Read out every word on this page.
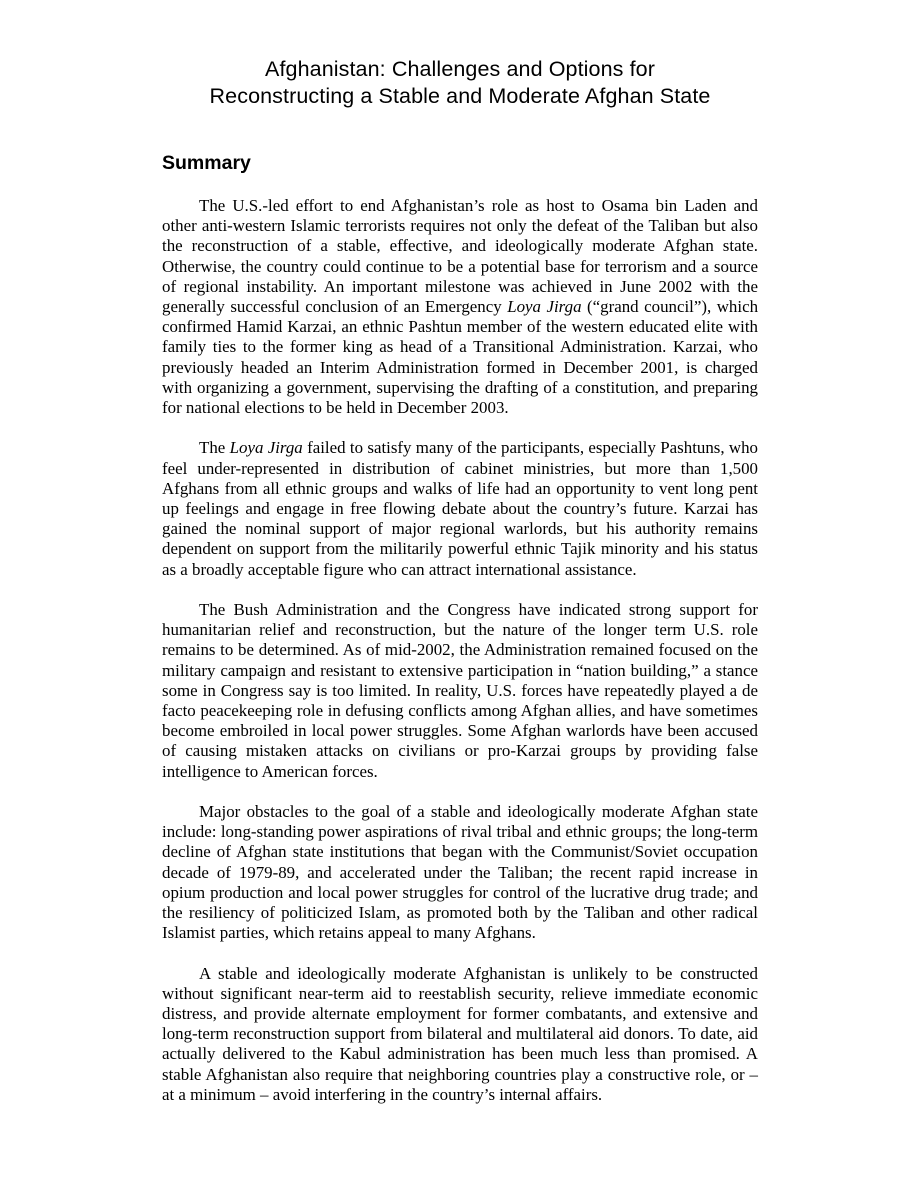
Afghanistan: Challenges and Options for
Reconstructing a Stable and Moderate Afghan State
Summary

The U.S.-led effort to end Afghanistan’s role as host to Osama bin Laden and other anti-western Islamic terrorists requires not only the defeat of the Taliban but also the reconstruction of a stable, effective, and ideologically moderate Afghan state. Otherwise, the country could continue to be a potential base for terrorism and a source of regional instability. An important milestone was achieved in June 2002 with the generally successful conclusion of an Emergency Loya Jirga (“grand council”), which confirmed Hamid Karzai, an ethnic Pashtun member of the western educated elite with family ties to the former king as head of a Transitional Administration. Karzai, who previously headed an Interim Administration formed in December 2001, is charged with organizing a government, supervising the drafting of a constitution, and preparing for national elections to be held in December 2003.

The Loya Jirga failed to satisfy many of the participants, especially Pashtuns, who feel under-represented in distribution of cabinet ministries, but more than 1,500 Afghans from all ethnic groups and walks of life had an opportunity to vent long pent up feelings and engage in free flowing debate about the country’s future. Karzai has gained the nominal support of major regional warlords, but his authority remains dependent on support from the militarily powerful ethnic Tajik minority and his status as a broadly acceptable figure who can attract international assistance.

The Bush Administration and the Congress have indicated strong support for humanitarian relief and reconstruction, but the nature of the longer term U.S. role remains to be determined. As of mid-2002, the Administration remained focused on the military campaign and resistant to extensive participation in “nation building,” a stance some in Congress say is too limited. In reality, U.S. forces have repeatedly played a de facto peacekeeping role in defusing conflicts among Afghan allies, and have sometimes become embroiled in local power struggles. Some Afghan warlords have been accused of causing mistaken attacks on civilians or pro-Karzai groups by providing false intelligence to American forces.

Major obstacles to the goal of a stable and ideologically moderate Afghan state include: long-standing power aspirations of rival tribal and ethnic groups; the long-term decline of Afghan state institutions that began with the Communist/Soviet occupation decade of 1979-89, and accelerated under the Taliban; the recent rapid increase in opium production and local power struggles for control of the lucrative drug trade; and the resiliency of politicized Islam, as promoted both by the Taliban and other radical Islamist parties, which retains appeal to many Afghans.

A stable and ideologically moderate Afghanistan is unlikely to be constructed without significant near-term aid to reestablish security, relieve immediate economic distress, and provide alternate employment for former combatants, and extensive and long-term reconstruction support from bilateral and multilateral aid donors. To date, aid actually delivered to the Kabul administration has been much less than promised. A stable Afghanistan also require that neighboring countries play a constructive role, or – at a minimum – avoid interfering in the country’s internal affairs.
